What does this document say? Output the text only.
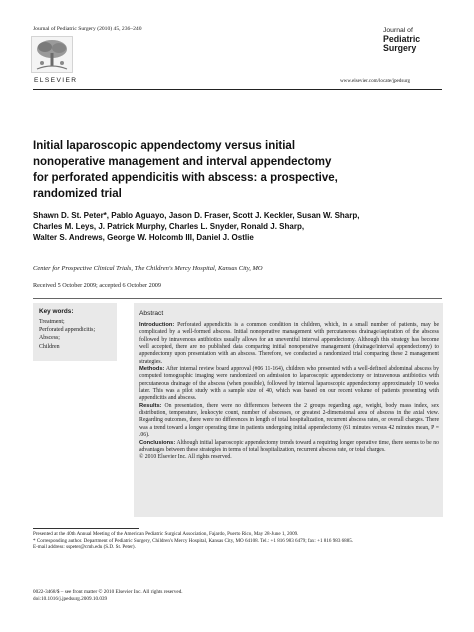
Journal of Pediatric Surgery (2010) 45, 236–240
ELSEVIER
Journal of
Pediatric
Surgery
www.elsevier.com/locate/jpedsurg
Initial laparoscopic appendectomy versus initial
nonoperative management and interval appendectomy
for perforated appendicitis with abscess: a prospective,
randomized trial
Shawn D. St. Peter*, Pablo Aguayo, Jason D. Fraser, Scott J. Keckler, Susan W. Sharp,
Charles M. Leys, J. Patrick Murphy, Charles L. Snyder, Ronald J. Sharp,
Walter S. Andrews, George W. Holcomb III, Daniel J. Ostlie
Center for Prospective Clinical Trials, The Children's Mercy Hospital, Kansas City, MO
Received 5 October 2009; accepted 6 October 2009
Key words:
Treatment;
Perforated appendicitis;
Abscess;
Children
Abstract
Introduction: Perforated appendicitis is a common condition in children, which, in a small number of patients, may be complicated by a well-formed abscess. Initial nonoperative management with percutaneous drainage/aspiration of the abscess followed by intravenous antibiotics usually allows for an uneventful interval appendectomy. Although this strategy has become well accepted, there are no published data comparing initial nonoperative management (drainage/interval appendectomy) to appendectomy upon presentation with an abscess. Therefore, we conducted a randomized trial comparing these 2 management strategies.
Methods: After internal review board approval (#06 11-164), children who presented with a well-defined abdominal abscess by computed tomographic imaging were randomized on admission to laparoscopic appendectomy or intravenous antibiotics with percutaneous drainage of the abscess (when possible), followed by interval laparoscopic appendectomy approximately 10 weeks later. This was a pilot study with a sample size of 40, which was based on our recent volume of patients presenting with appendicitis and abscess.
Results: On presentation, there were no differences between the 2 groups regarding age, weight, body mass index, sex distribution, temperature, leukocyte count, number of abscesses, or greatest 2-dimensional area of abscess in the axial view. Regarding outcomes, there were no differences in length of total hospitalization, recurrent abscess rates, or overall charges. There was a trend toward a longer operating time in patients undergoing initial appendectomy (61 minutes versus 42 minutes mean, P = .06).
Conclusions: Although initial laparoscopic appendectomy trends toward a requiring longer operative time, there seems to be no advantages between these strategies in terms of total hospitalization, recurrent abscess rate, or total charges.
© 2010 Elsevier Inc. All rights reserved.
Presented at the 40th Annual Meeting of the American Pediatric Surgical Association, Fajardo, Puerto Rico, May 28-June 1, 2009.
* Corresponding author. Department of Pediatric Surgery, Children's Mercy Hospital, Kansas City, MO 64108. Tel.: +1 816 983 6479; fax: +1 816 983 6885.
E-mail address: sspeter@cmh.edu (S.D. St. Peter).
0022-3468/$ – see front matter © 2010 Elsevier Inc. All rights reserved.
doi:10.1016/j.jpedsurg.2009.10.039
